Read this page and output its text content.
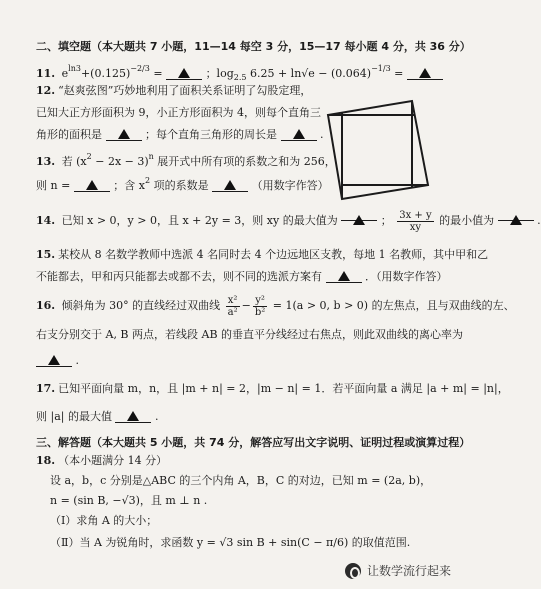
二、填空题（本大题共 7 小题，11—14 每空 3 分，15—17 每小题 4 分，共 36 分）
11. $e^{ln3}+(0.125)^{-2/3}$ =	；$\log_{2.5} 6.25 + \ln√e - (0.064)^{-1/3}$ =
12. “赵爽弦图”巧妙地利用了面积关系证明了勾股定理，
已知大正方形面积为 9，小正方形面积为 4，则每个直角三
角形的面积是	；每个直角三角形的周长是	.
13. 若 $(x^2 - 2x - 3)^n$ 展开式中所有项的系数之和为 256，
则 n =	；含 $x^2$ 项的系数是	（用数字作答）
14. 已知 x > 0，y > 0，且 x + 2y = 3，则 xy 的最大值为	； $\frac{3x + y}{xy}$ 的最小值为	.
15. 某校从 8 名数学教师中选派 4 名同时去 4 个边远地区支教，每地 1 名教师，其中甲和乙
不能都去，甲和丙只能都去或都不去，则不同的选派方案有	．（用数字作答）
16. 倾斜角为 30° 的直线经过双曲线 $\frac{\text{x²}}{\text{a²}} - \frac{\text{y²}}{\text{b²}} = 1(a > 0$, b > 0) 的左焦点，且与双曲线的左、
右支分别交于 A, B 两点，若线段 AB 的垂直平分线经过右焦点，则此双曲线的离心率为
.
17. 已知平面向量 m，n，且 |m + n| = 2，|m − n| = 1．若平面向量 a 满足 |a + m| = |n|，
则 |a| 的最大值	.
三、解答题（本大题共 5 小题，共 74 分，解答应写出文字说明、证明过程或演算过程）
18. （本小题满分 14 分）
设 a，b，c 分别是△ABC 的三个内角 A，B，C 的对边，已知 m = (2a, b)，
n = (sin B, −√3)，且 m ⊥ n .
（Ⅰ）求角 A 的大小；
（Ⅱ）当 A 为锐角时，求函数 y = √3 sin B + sin(C − π/6) 的取值范围.
让数学流行起来
